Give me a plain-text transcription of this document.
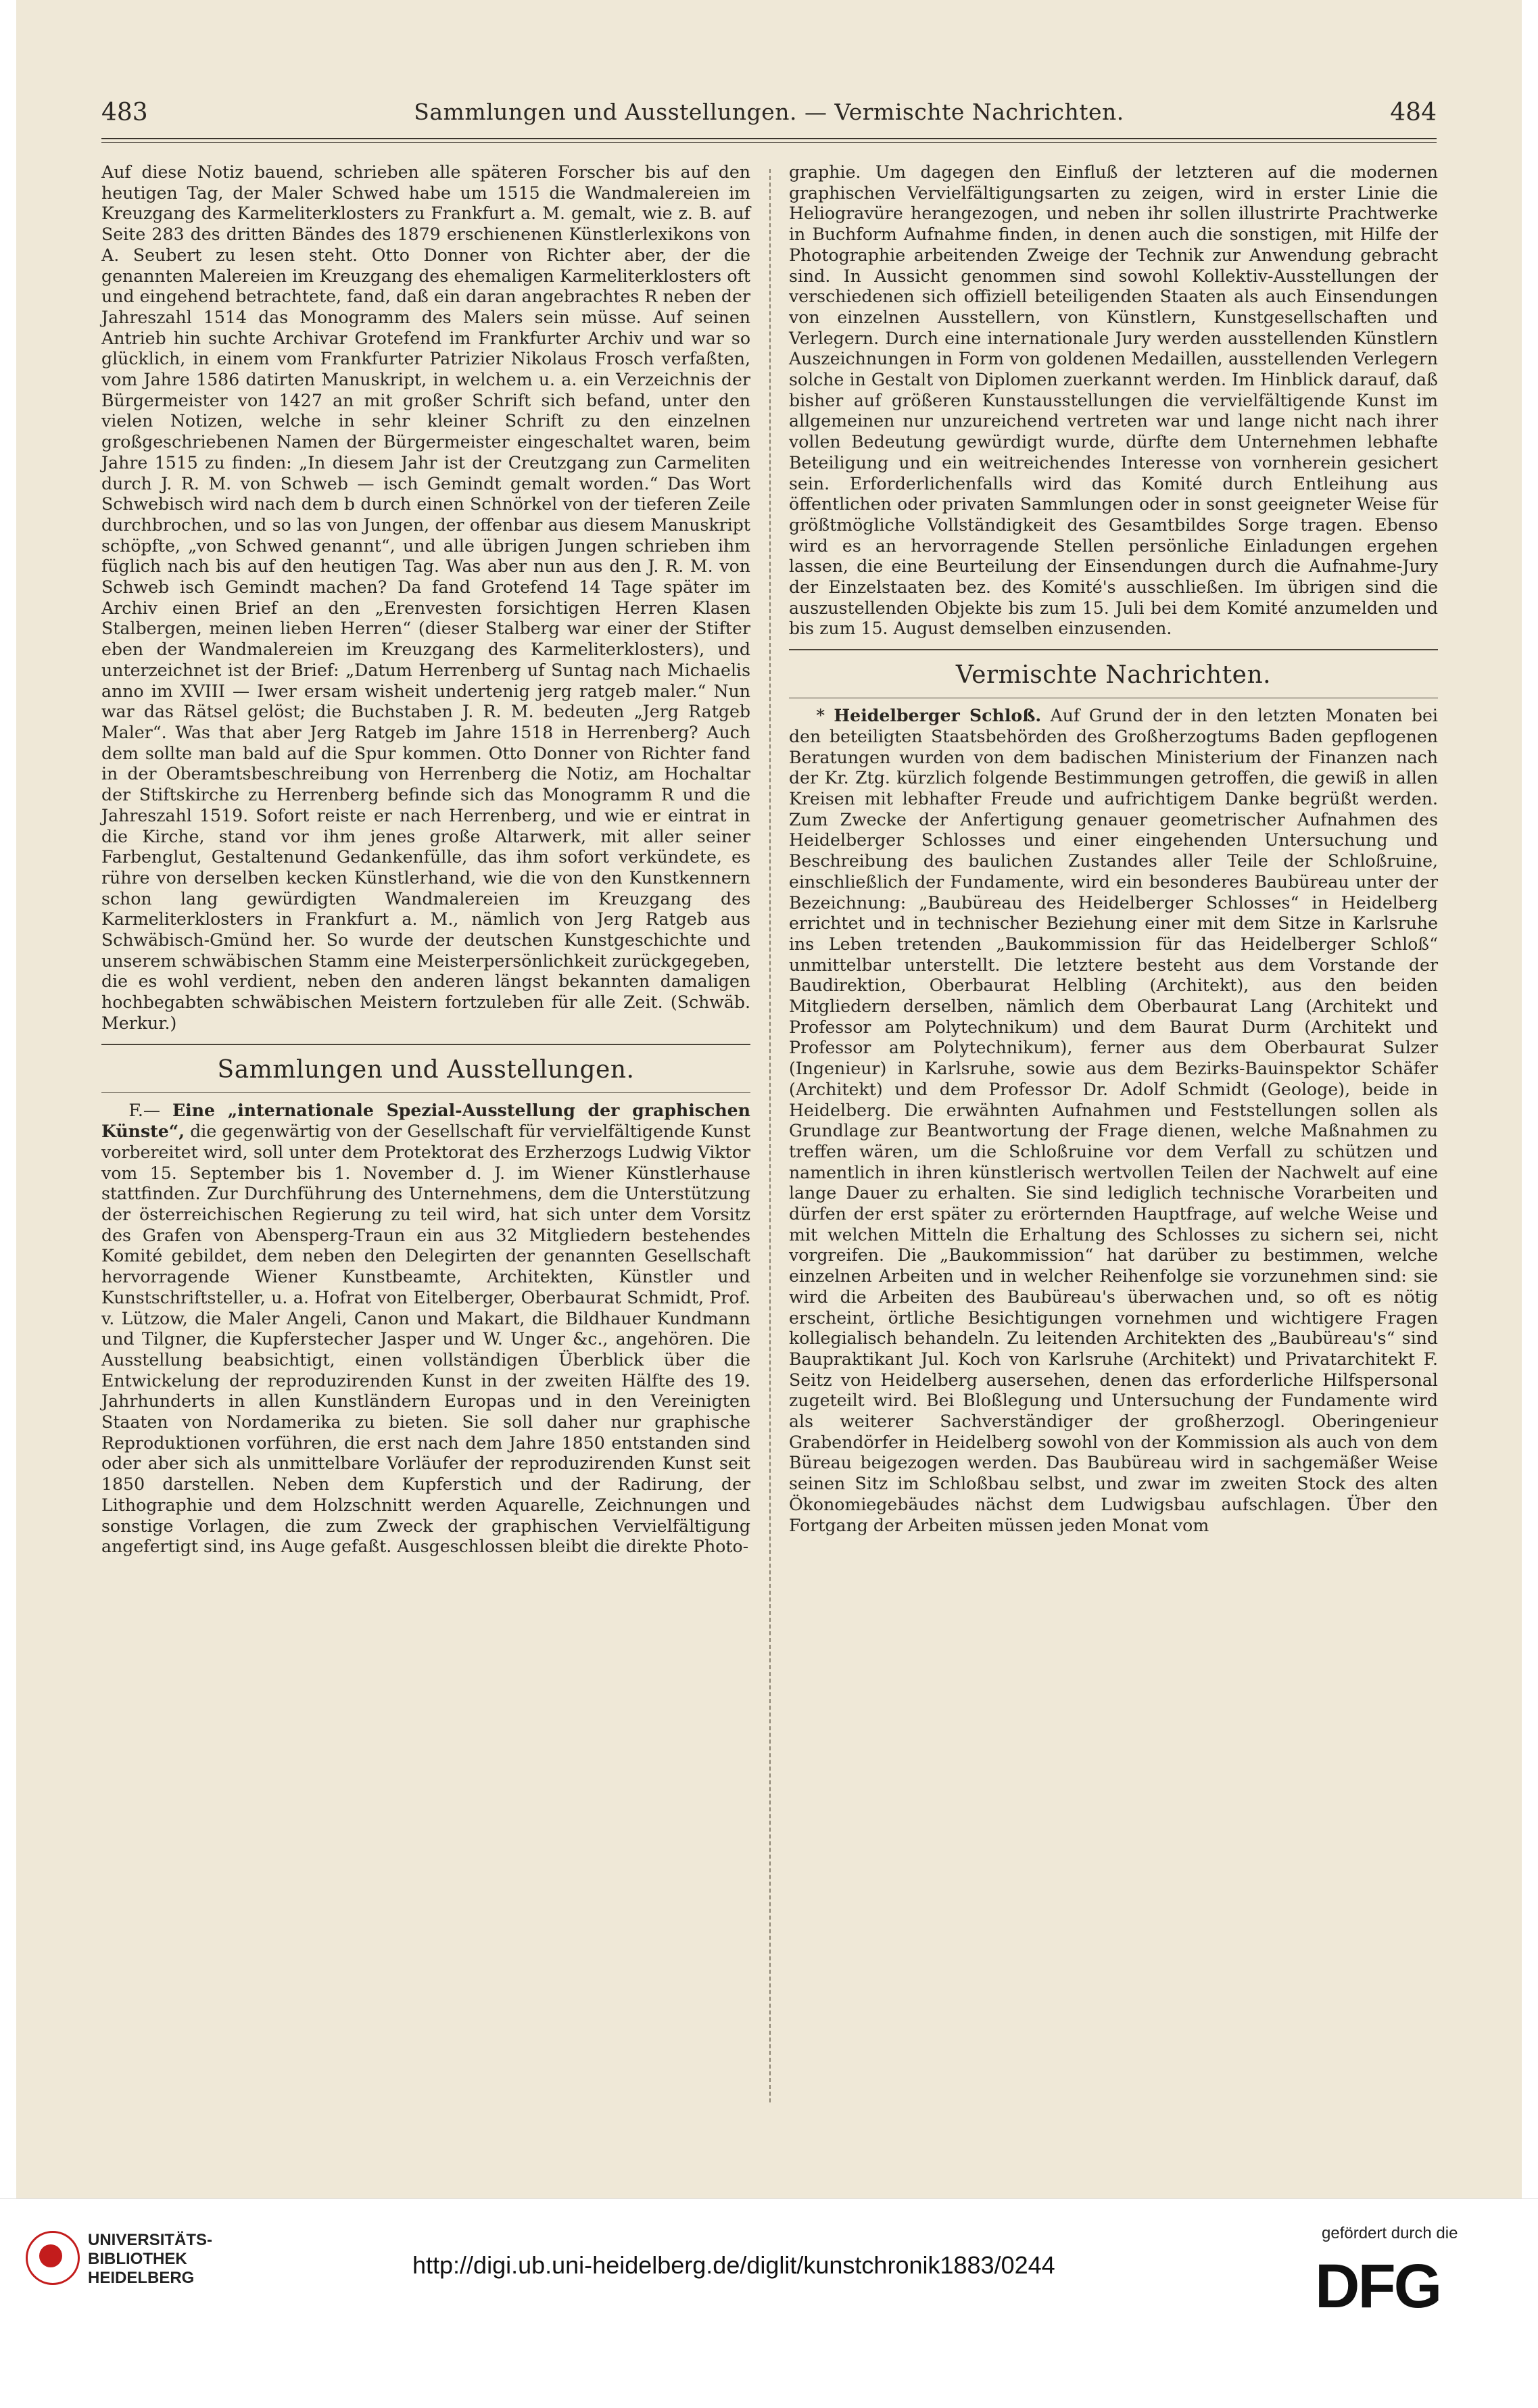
483	Sammlungen und Ausstellungen. — Vermischte Nachrichten.	484

Auf diese Notiz bauend, schrieben alle späteren Forscher bis auf den heutigen Tag, der Maler Schwed habe um 1515 die Wandmalereien im Kreuzgang des Karmeliterklosters zu Frankfurt a. M. gemalt, wie z. B. auf Seite 283 des dritten Bändes des 1879 erschienenen Künstlerlexikons von A. Seubert zu lesen steht. Otto Donner von Richter aber, der die genannten Malereien im Kreuzgang des ehemaligen Karmeliterklosters oft und eingehend betrachtete, fand, daß ein daran angebrachtes R neben der Jahreszahl 1514 das Monogramm des Malers sein müsse. Auf seinen Antrieb hin suchte Archivar Grotefend im Frankfurter Archiv und war so glücklich, in einem vom Frankfurter Patrizier Nikolaus Frosch verfaßten, vom Jahre 1586 datirten Manuskript, in welchem u. a. ein Verzeichnis der Bürgermeister von 1427 an mit großer Schrift sich befand, unter den vielen Notizen, welche in sehr kleiner Schrift zu den einzelnen großgeschriebenen Namen der Bürgermeister eingeschaltet waren, beim Jahre 1515 zu finden: „In diesem Jahr ist der Creutzgang zun Carmeliten durch J. R. M. von Schweb — isch Gemindt gemalt worden.“ Das Wort Schwebisch wird nach dem b durch einen Schnörkel von der tieferen Zeile durchbrochen, und so las von Jungen, der offenbar aus diesem Manuskript schöpfte, „von Schwed genannt“, und alle übrigen Jungen schrieben ihm füglich nach bis auf den heutigen Tag. Was aber nun aus den J. R. M. von Schweb isch Gemindt machen? Da fand Grotefend 14 Tage später im Archiv einen Brief an den „Erenvesten forsichtigen Herren Klasen Stalbergen, meinen lieben Herren“ (dieser Stalberg war einer der Stifter eben der Wandmalereien im Kreuzgang des Karmeliterklosters), und unterzeichnet ist der Brief: „Datum Herrenberg uf Suntag nach Michaelis anno im XVIII — Iwer ersam wisheit undertenig jerg ratgeb maler.“ Nun war das Rätsel gelöst; die Buchstaben J. R. M. bedeuten „Jerg Ratgeb Maler“. Was that aber Jerg Ratgeb im Jahre 1518 in Herrenberg? Auch dem sollte man bald auf die Spur kommen. Otto Donner von Richter fand in der Oberamtsbeschreibung von Herrenberg die Notiz, am Hochaltar der Stiftskirche zu Herrenberg befinde sich das Monogramm R und die Jahreszahl 1519. Sofort reiste er nach Herrenberg, und wie er eintrat in die Kirche, stand vor ihm jenes große Altarwerk, mit aller seiner Farbenglut, Gestaltenund Gedankenfülle, das ihm sofort verkündete, es rühre von derselben kecken Künstlerhand, wie die von den Kunstkennern schon lang gewürdigten Wandmalereien im Kreuzgang des Karmeliterklosters in Frankfurt a. M., nämlich von Jerg Ratgeb aus Schwäbisch-Gmünd her. So wurde der deutschen Kunstgeschichte und unserem schwäbischen Stamm eine Meisterpersönlichkeit zurückgegeben, die es wohl verdient, neben den anderen längst bekannten damaligen hochbegabten schwäbischen Meistern fortzuleben für alle Zeit. (Schwäb. Merkur.)

Sammlungen und Ausstellungen.

F.— Eine „internationale Spezial-Ausstellung der graphischen Künste“, die gegenwärtig von der Gesellschaft für vervielfältigende Kunst vorbereitet wird, soll unter dem Protektorat des Erzherzogs Ludwig Viktor vom 15. September bis 1. November d. J. im Wiener Künstlerhause stattfinden. Zur Durchführung des Unternehmens, dem die Unterstützung der österreichischen Regierung zu teil wird, hat sich unter dem Vorsitz des Grafen von Abensperg-Traun ein aus 32 Mitgliedern bestehendes Komité gebildet, dem neben den Delegirten der genannten Gesellschaft hervorragende Wiener Kunstbeamte, Architekten, Künstler und Kunstschriftsteller, u. a. Hofrat von Eitelberger, Oberbaurat Schmidt, Prof. v. Lützow, die Maler Angeli, Canon und Makart, die Bildhauer Kundmann und Tilgner, die Kupferstecher Jasper und W. Unger &c., angehören. Die Ausstellung beabsichtigt, einen vollständigen Überblick über die Entwickelung der reproduzirenden Kunst in der zweiten Hälfte des 19. Jahrhunderts in allen Kunstländern Europas und in den Vereinigten Staaten von Nordamerika zu bieten. Sie soll daher nur graphische Reproduktionen vorführen, die erst nach dem Jahre 1850 entstanden sind oder aber sich als unmittelbare Vorläufer der reproduzirenden Kunst seit 1850 darstellen. Neben dem Kupferstich und der Radirung, der Lithographie und dem Holzschnitt werden Aquarelle, Zeichnungen und sonstige Vorlagen, die zum Zweck der graphischen Vervielfältigung angefertigt sind, ins Auge gefaßt. Ausgeschlossen bleibt die direkte Photo-

graphie. Um dagegen den Einfluß der letzteren auf die modernen graphischen Vervielfältigungsarten zu zeigen, wird in erster Linie die Heliogravüre herangezogen, und neben ihr sollen illustrirte Prachtwerke in Buchform Aufnahme finden, in denen auch die sonstigen, mit Hilfe der Photographie arbeitenden Zweige der Technik zur Anwendung gebracht sind. In Aussicht genommen sind sowohl Kollektiv-Ausstellungen der verschiedenen sich offiziell beteiligenden Staaten als auch Einsendungen von einzelnen Ausstellern, von Künstlern, Kunstgesellschaften und Verlegern. Durch eine internationale Jury werden ausstellenden Künstlern Auszeichnungen in Form von goldenen Medaillen, ausstellenden Verlegern solche in Gestalt von Diplomen zuerkannt werden. Im Hinblick darauf, daß bisher auf größeren Kunstausstellungen die vervielfältigende Kunst im allgemeinen nur unzureichend vertreten war und lange nicht nach ihrer vollen Bedeutung gewürdigt wurde, dürfte dem Unternehmen lebhafte Beteiligung und ein weitreichendes Interesse von vornherein gesichert sein. Erforderlichenfalls wird das Komité durch Entleihung aus öffentlichen oder privaten Sammlungen oder in sonst geeigneter Weise für größtmögliche Vollständigkeit des Gesamtbildes Sorge tragen. Ebenso wird es an hervorragende Stellen persönliche Einladungen ergehen lassen, die eine Beurteilung der Einsendungen durch die Aufnahme-Jury der Einzelstaaten bez. des Komité's ausschließen. Im übrigen sind die auszustellenden Objekte bis zum 15. Juli bei dem Komité anzumelden und bis zum 15. August demselben einzusenden.

Vermischte Nachrichten.

* Heidelberger Schloß. Auf Grund der in den letzten Monaten bei den beteiligten Staatsbehörden des Großherzogtums Baden gepflogenen Beratungen wurden von dem badischen Ministerium der Finanzen nach der Kr. Ztg. kürzlich folgende Bestimmungen getroffen, die gewiß in allen Kreisen mit lebhafter Freude und aufrichtigem Danke begrüßt werden. Zum Zwecke der Anfertigung genauer geometrischer Aufnahmen des Heidelberger Schlosses und einer eingehenden Untersuchung und Beschreibung des baulichen Zustandes aller Teile der Schloßruine, einschließlich der Fundamente, wird ein besonderes Baubüreau unter der Bezeichnung: „Baubüreau des Heidelberger Schlosses“ in Heidelberg errichtet und in technischer Beziehung einer mit dem Sitze in Karlsruhe ins Leben tretenden „Baukommission für das Heidelberger Schloß“ unmittelbar unterstellt. Die letztere besteht aus dem Vorstande der Baudirektion, Oberbaurat Helbling (Architekt), aus den beiden Mitgliedern derselben, nämlich dem Oberbaurat Lang (Architekt und Professor am Polytechnikum) und dem Baurat Durm (Architekt und Professor am Polytechnikum), ferner aus dem Oberbaurat Sulzer (Ingenieur) in Karlsruhe, sowie aus dem Bezirks-Bauinspektor Schäfer (Architekt) und dem Professor Dr. Adolf Schmidt (Geologe), beide in Heidelberg. Die erwähnten Aufnahmen und Feststellungen sollen als Grundlage zur Beantwortung der Frage dienen, welche Maßnahmen zu treffen wären, um die Schloßruine vor dem Verfall zu schützen und namentlich in ihren künstlerisch wertvollen Teilen der Nachwelt auf eine lange Dauer zu erhalten. Sie sind lediglich technische Vorarbeiten und dürfen der erst später zu erörternden Hauptfrage, auf welche Weise und mit welchen Mitteln die Erhaltung des Schlosses zu sichern sei, nicht vorgreifen. Die „Baukommission“ hat darüber zu bestimmen, welche einzelnen Arbeiten und in welcher Reihenfolge sie vorzunehmen sind: sie wird die Arbeiten des Baubüreau's überwachen und, so oft es nötig erscheint, örtliche Besichtigungen vornehmen und wichtigere Fragen kollegialisch behandeln. Zu leitenden Architekten des „Baubüreau's“ sind Baupraktikant Jul. Koch von Karlsruhe (Architekt) und Privatarchitekt F. Seitz von Heidelberg ausersehen, denen das erforderliche Hilfspersonal zugeteilt wird. Bei Bloßlegung und Untersuchung der Fundamente wird als weiterer Sachverständiger der großherzogl. Oberingenieur Grabendörfer in Heidelberg sowohl von der Kommission als auch von dem Büreau beigezogen werden. Das Baubüreau wird in sachgemäßer Weise seinen Sitz im Schloßbau selbst, und zwar im zweiten Stock des alten Ökonomiegebäudes nächst dem Ludwigsbau aufschlagen. Über den Fortgang der Arbeiten müssen jeden Monat vom

UNIVERSITÄTS-
BIBLIOTHEK
HEIDELBERG	http://digi.ub.uni-heidelberg.de/diglit/kunstchronik1883/0244
gefördert durch die
DFG
